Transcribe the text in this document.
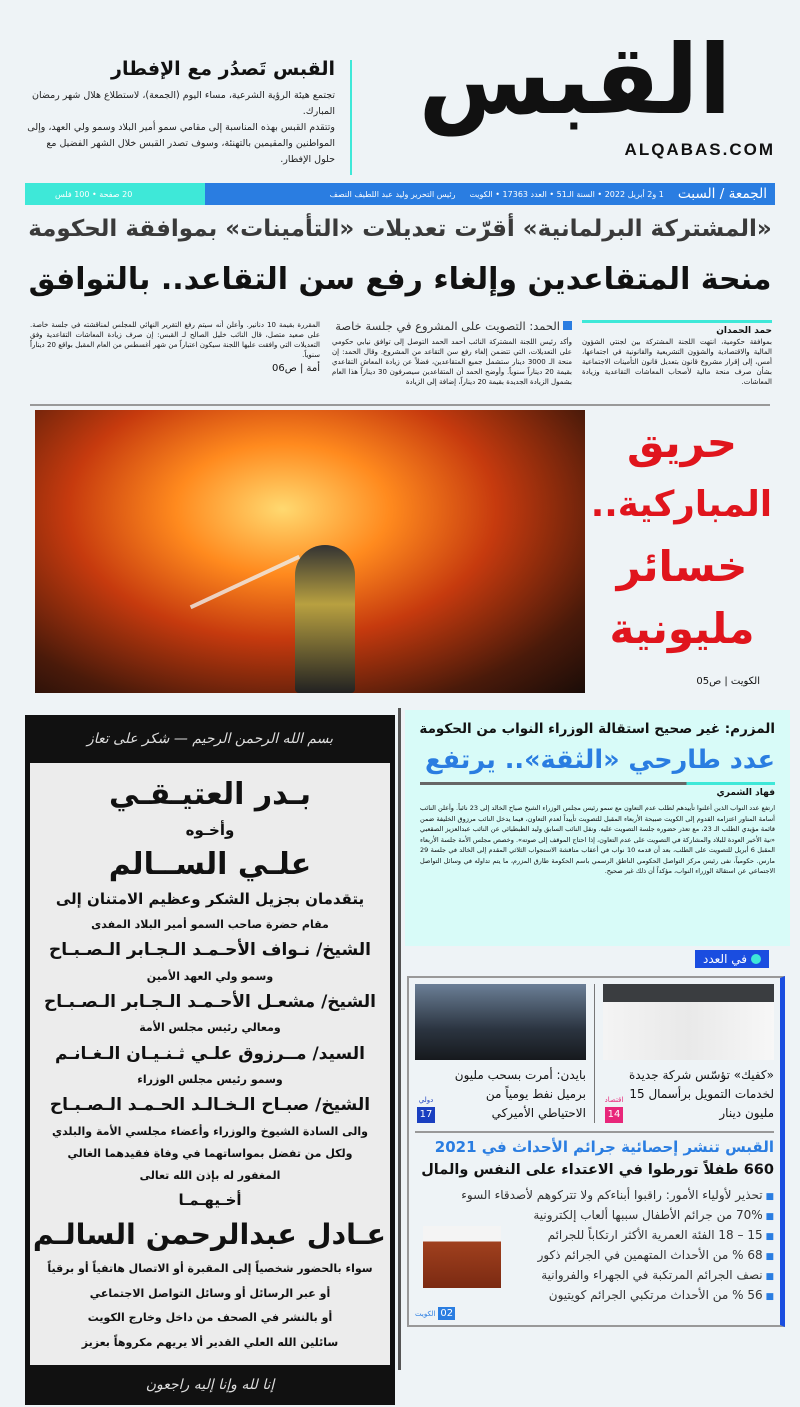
القبس
ALQABAS.COM
القبس تَصدُر مع الإفطار

تجتمع هيئة الرؤية الشرعية، مساء اليوم (الجمعة)، لاستطلاع هلال شهر رمضان المبارك.

وتتقدم القبس بهذه المناسبة إلى مقامي سمو أمير البلاد وسمو ولي العهد، وإلى المواطنين والمقيمين بالتهنئة، وسوف تصدر القبس خلال الشهر الفضيل مع حلول الإفطار.

الجمعة / السبت
1 و2 أبريل 2022 • السنة الـ51 • العدد 17363 • الكويت
رئيس التحرير وليد عبد اللطيف النصف
20 صفحة • 100 فلس
«المشتركة البرلمانية» أقرّت تعديلات «التأمينات» بموافقة الحكومة
منحة المتقاعدين وإلغاء رفع سن التقاعد.. بالتوافق
حمد الحمدان
بموافقة حكومية، انتهت اللجنة المشتركة بين لجنتي الشؤون المالية والاقتصادية والشؤون التشريعية والقانونية في اجتماعها، أمس، إلى إقرار مشروع قانون بتعديل قانون التأمينات الاجتماعية بشأن صرف منحة مالية لأصحاب المعاشات التقاعدية وزيادة المعاشات.
الحمد: التصويت على المشروع في جلسة خاصة
وأكد رئيس اللجنة المشتركة النائب أحمد الحمد التوصل إلى توافق نيابي حكومي على التعديلات، التي تتضمن إلغاء رفع سن التقاعد من المشروع. وقال الحمد: إن منحة الـ 3000 دينار ستشمل جميع المتقاعدين، فضلاً عن زيادة المعاش التقاعدي بقيمة 20 ديناراً سنوياً. وأوضح الحمد أن المتقاعدين سيصرفون 30 ديناراً هذا العام بشمول الزيادة الجديدة بقيمة 20 ديناراً، إضافة إلى الزيادة
المقررة بقيمة 10 دنانير. وأعلن أنه سيتم رفع التقرير النهائي للمجلس لمناقشته في جلسة خاصة. على صعيد متصل، قال النائب خليل الصالح لـ القبس: إن صرف زيادة المعاشات التقاعدية وفق التعديلات التي وافقت عليها اللجنة سيكون اعتباراً من شهر أغسطس من العام المقبل بواقع 20 ديناراً سنوياً.
أمة | ص06
حريق
المباركية..
خسائر
مليونية
الكويت | ص05
بسم الله الرحمن الرحيم — شكر على تعاز
بـدر العتيـقـي
وأخـوه
علـي الســالم
يتقدمان بجزيل الشكر وعظيم الامتنان إلى
مقام حضرة صاحب السمو أمير البلاد المفدى
الشيخ/ نـواف الأحـمـد الـجـابر الـصـبـاح
وسمو ولي العهد الأمين
الشيخ/ مشعـل الأحـمـد الـجـابر الـصـبـاح
ومعالي رئيس مجلس الأمة
السيد/ مــرزوق علـي ثـنـيـان الـغـانـم
وسمو رئيس مجلس الوزراء
الشيخ/ صبـاح الـخـالـد الحـمـد الـصـبـاح
والى السادة الشيوخ والوزراء وأعضاء مجلسي الأمة والبلدي
ولكل من تفضل بمواساتهما في وفاة فقيدهما الغالي
المغفور له بإذن الله تعالى
أخـيهـمـا
عـادل عبدالرحمن السالـم
سواء بالحضور شخصياً إلى المقبرة أو الاتصال هاتفياً أو برقياً
أو عبر الرسائل أو وسائل التواصل الاجتماعي
أو بالنشر في الصحف من داخل وخارج الكويت
سائلين الله العلي القدير ألا يريهم مكروهاً بعزيز
إنا لله وإنا إليه راجعون
المزرم: غير صحيح استقالة الوزراء النواب من الحكومة
عدد طارحي «الثقة».. يرتفع
فهاد الشمري

ارتفع عدد النواب الذين أعلنوا تأييدهم لطلب عدم التعاون مع سمو رئيس مجلس الوزراء الشيخ صباح الخالد إلى 23 نائباً. وأعلن النائب أسامة المناور اعتزامه القدوم إلى الكويت صبيحة الأربعاء المقبل للتصويت تأييداً لعدم التعاون، فيما يدخل النائب مرزوق الخليفة ضمن قائمة مؤيدي الطلب الـ 23، مع تعذر حضوره جلسة التصويت عليه. ونقل النائب السابق وليد الطبطبائي عن النائب عبدالعزيز الصقعبي «نية الأخير العودة للبلاد والمشاركة في التصويت على عدم التعاون، إذا احتاج الموقف إلى صوته». وخصص مجلس الأمة جلسة الأربعاء المقبل 6 أبريل للتصويت على الطلب، بعد أن قدمه 10 نواب في أعقاب مناقشة الاستجواب الثلاثي المقدم إلى الخالد في جلسة 29 مارس. حكومياً، نفى رئيس مركز التواصل الحكومي الناطق الرسمي باسم الحكومة طارق المزرم، ما يتم تداوله في وسائل التواصل الاجتماعي عن استقالة الوزراء النواب، مؤكداً أن ذلك غير صحيح.

في العدد
«كفيك» تؤسّس شركة جديدة لخدمات التمويل برأسمال 15 مليون دينار
اقتصاد
14
بايدن: أمرت بسحب مليون برميل نفط يومياً من الاحتياطي الأميركي
دولي
17
القبس تنشر إحصائية جرائم الأحداث في 2021
660 طفلاً تورطوا في الاعتداء على النفس والمال
■ تحذير لأولياء الأمور: راقبوا أبناءكم ولا تتركوهم لأصدقاء السوء
■ 70% من جرائم الأطفال سببها ألعاب إلكترونية
■ 15 – 18 الفئة العمرية الأكثر ارتكاباً للجرائم
■ 68 % من الأحداث المتهمين في الجرائم ذكور
■ نصف الجرائم المرتكبة في الجهراء والفروانية
■ 56 % من الأحداث مرتكبي الجرائم كويتيون
02الكويت
